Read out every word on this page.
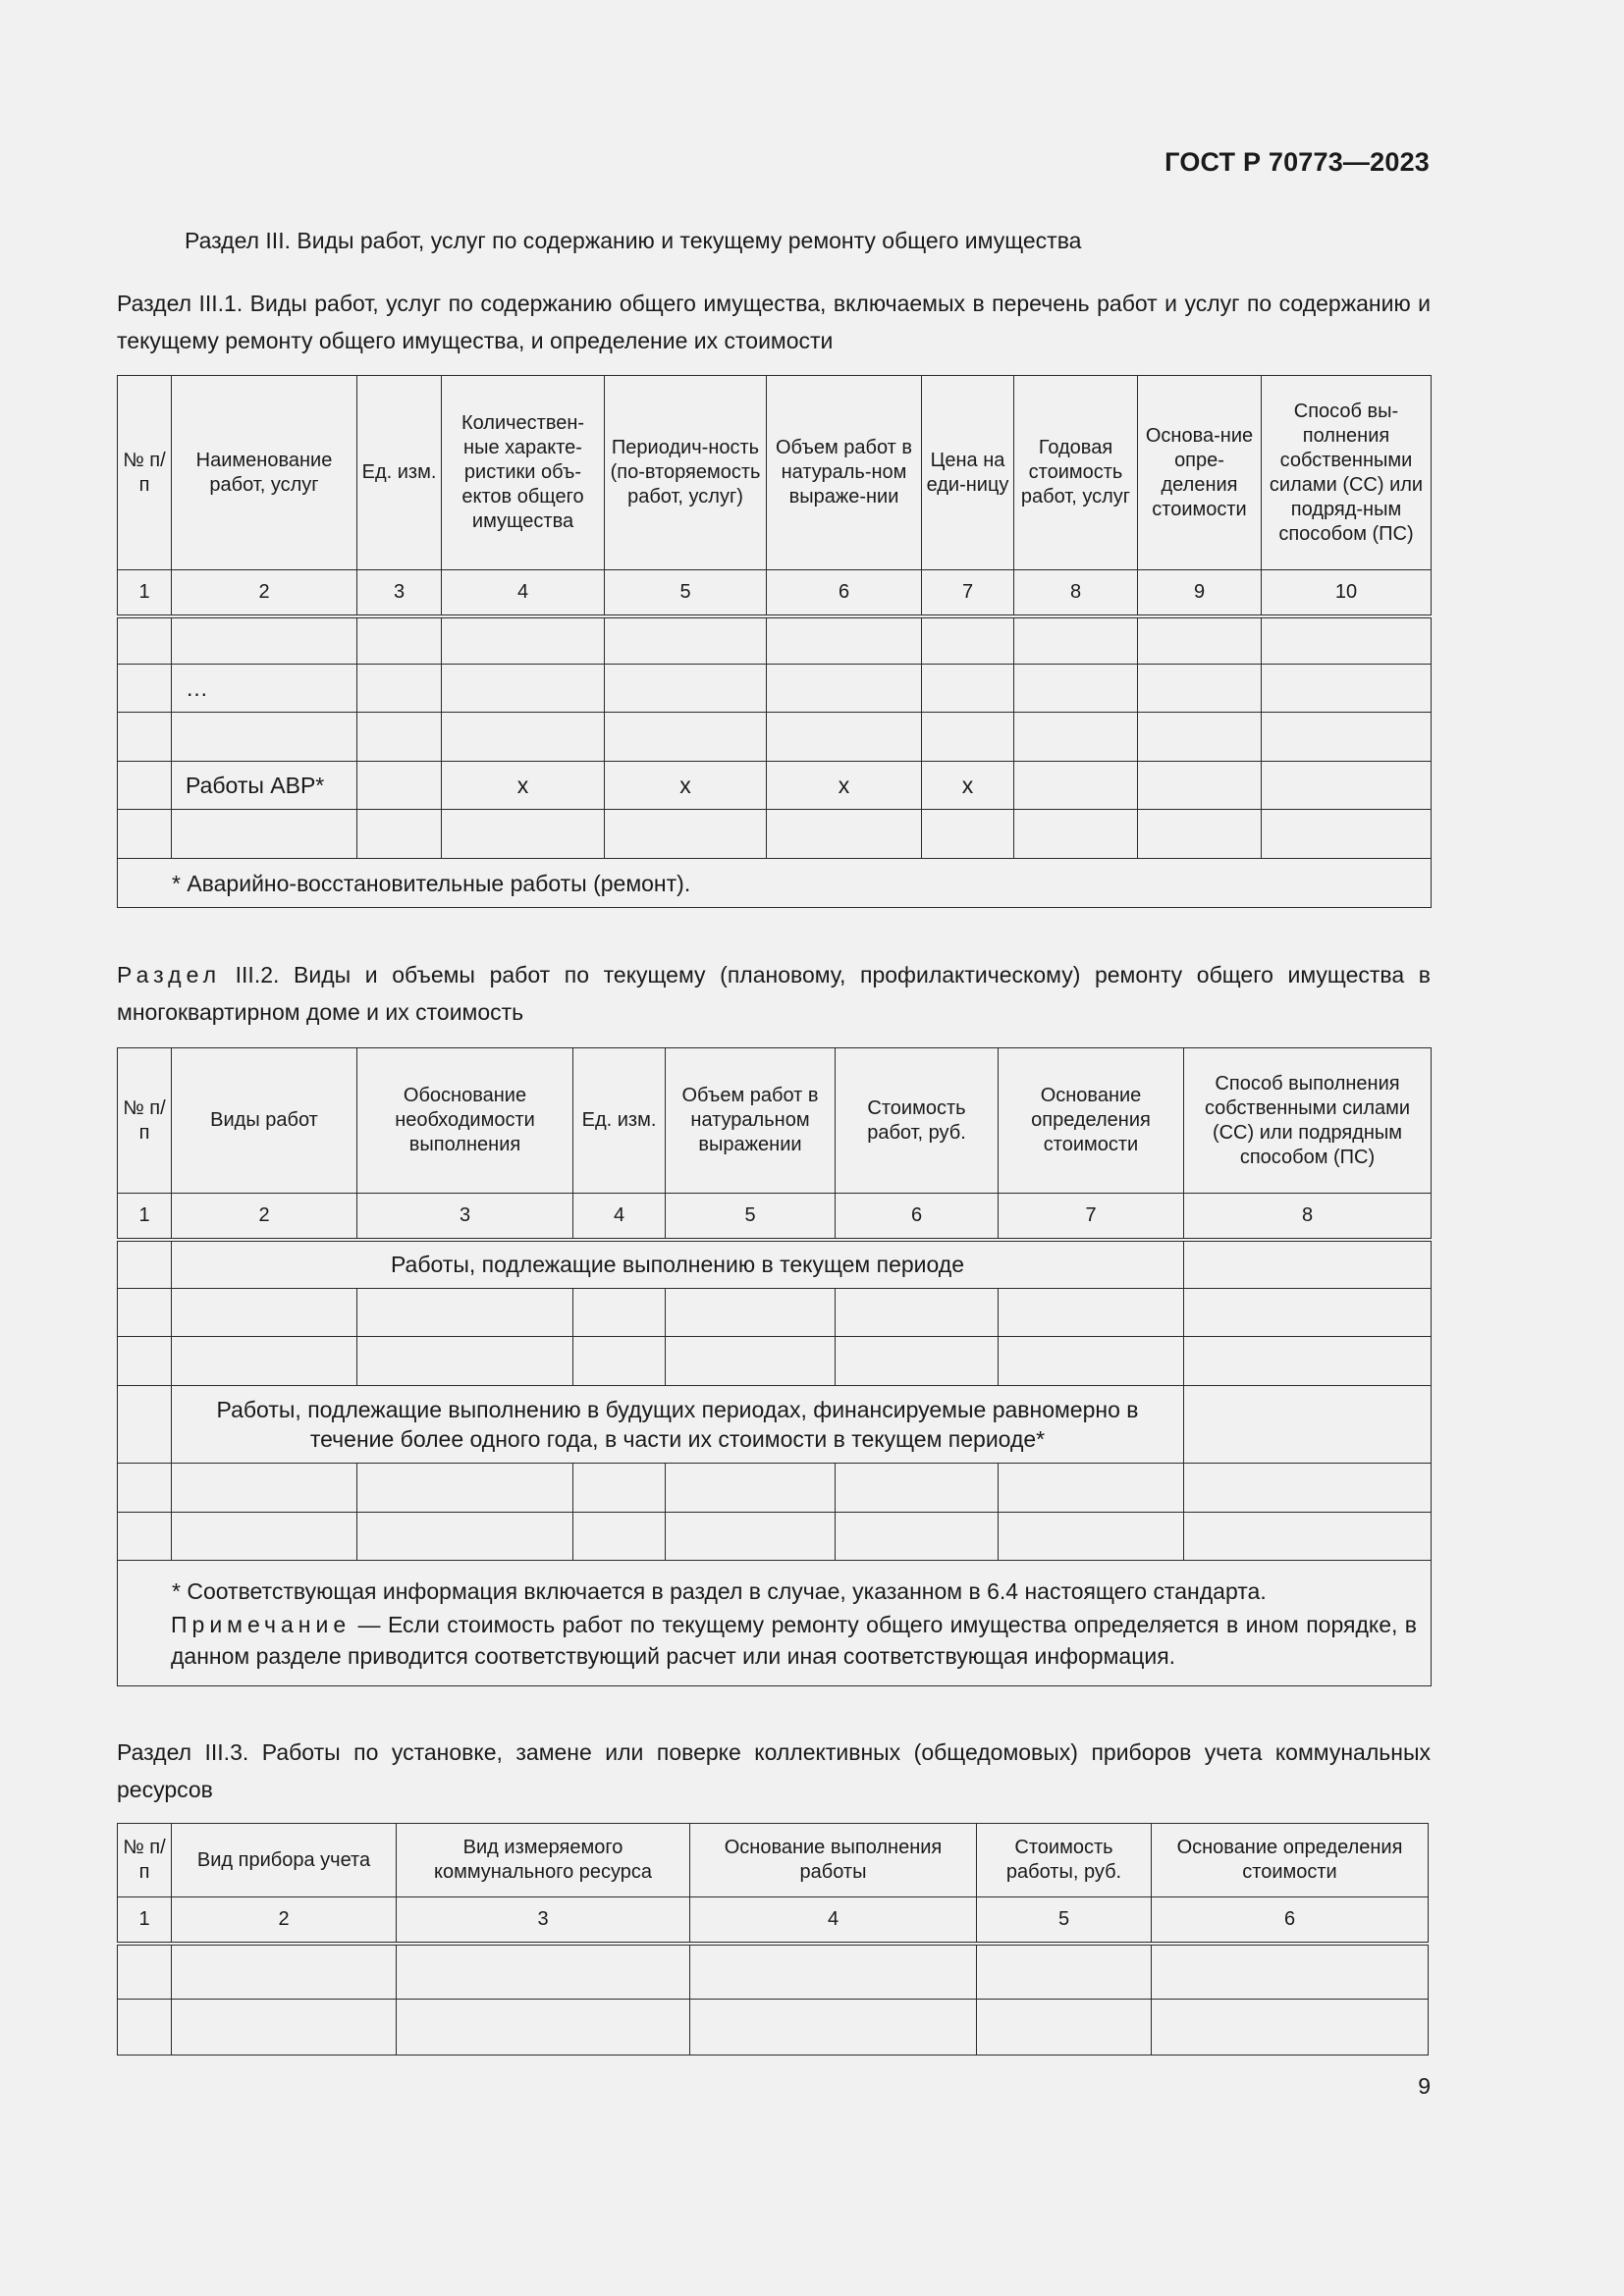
ГОСТ Р 70773—2023
Раздел III. Виды работ, услуг по содержанию и текущему ремонту общего имущества
Раздел III.1. Виды работ, услуг по содержанию общего имущества, включаемых в перечень работ и услуг по содержанию и текущему ремонту общего имущества, и определение их стоимости
№ п/п	Наименование работ, услуг	Ед. изм.	Количествен-ные характе-ристики объ-ектов общего имущества	Периодич-ность (по-вторяемость работ, услуг)	Объем работ в натураль-ном выраже-нии	Цена на еди-ницу	Годовая стоимость работ, услуг	Основа-ние опре-деления стоимости	Способ вы-полнения собственными силами (СС) или подряд-ным способом (ПС)
1	2	3	4	5	6	7	8	9	10

	…								

	Работы АВР*		x	x	x	x			

* Аварийно-восстановительные работы (ремонт).									
Раздел III.2. Виды и объемы работ по текущему (плановому, профилактическому) ремонту общего имущества в многоквартирном доме и их стоимость
№ п/п	Виды работ	Обоснование необходимости выполнения	Ед. изм.	Объем работ в натуральном выражении	Стоимость работ, руб.	Основание определения стоимости	Способ выполнения собственными силами (СС) или подрядным способом (ПС)
1	2	3	4	5	6	7	8
	Работы, подлежащие выполнению в текущем периоде						

	Работы, подлежащие выполнению в будущих периодах, финансируемые равномерно в течение более одного года, в части их стоимости в текущем периоде*						

* Соответствующая информация включается в раздел в случае, указанном в 6.4 настоящего стандарта.
Примечание — Если стоимость работ по текущему ремонту общего имущества определяется в ином порядке, в данном разделе приводится соответствующий расчет или иная соответствующая информация.							
Раздел III.3. Работы по установке, замене или поверке коллективных (общедомовых) приборов учета коммунальных ресурсов
№ п/п	Вид прибора учета	Вид измеряемого коммунального ресурса	Основание выполнения работы	Стоимость работы, руб.	Основание определения стоимости
1	2	3	4	5	6

9
